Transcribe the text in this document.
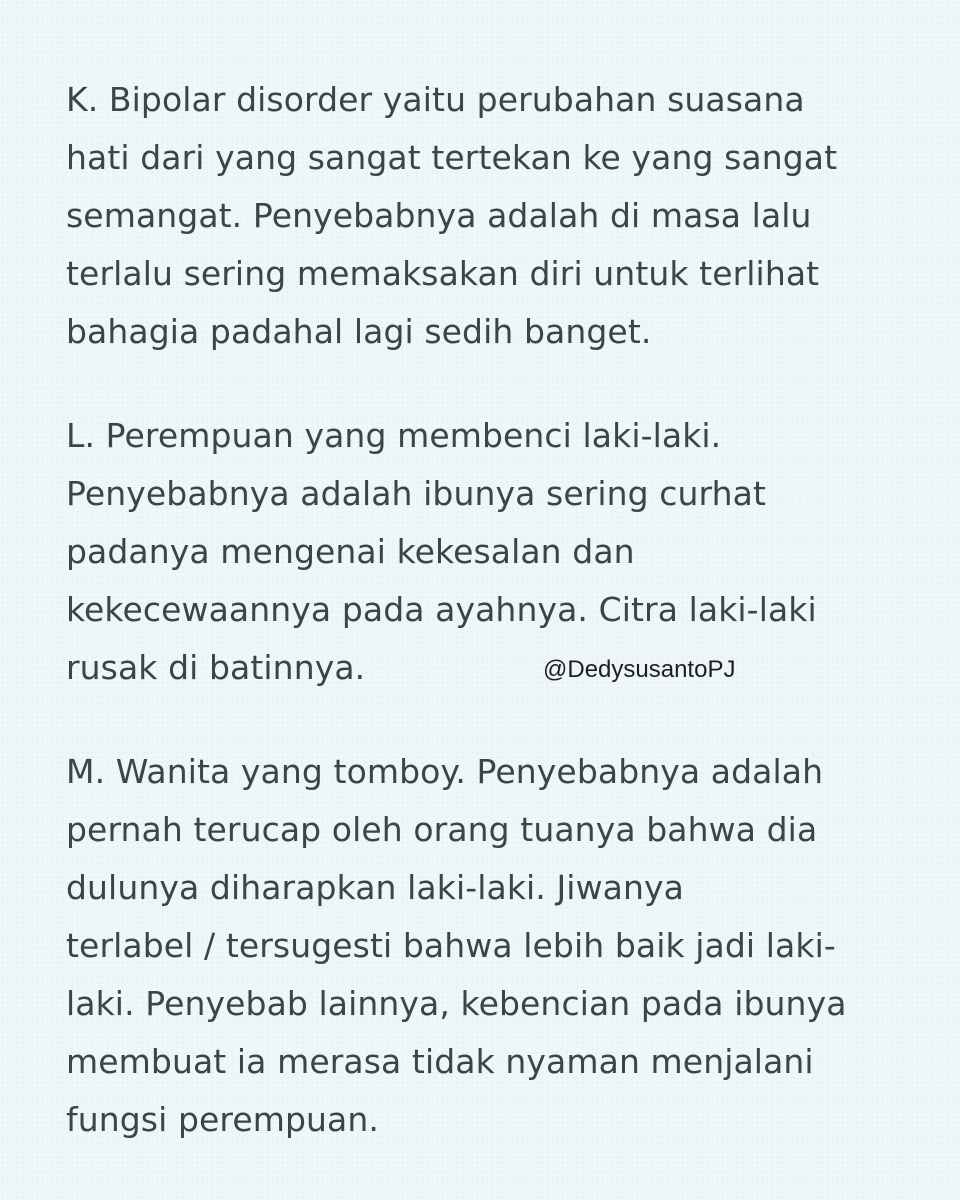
K. Bipolar disorder yaitu perubahan suasana
hati dari yang sangat tertekan ke yang sangat
semangat. Penyebabnya adalah di masa lalu
terlalu sering memaksakan diri untuk terlihat
bahagia padahal lagi sedih banget.

L. Perempuan yang membenci laki-laki.
Penyebabnya adalah ibunya sering curhat
padanya mengenai kekesalan dan
kekecewaannya pada ayahnya. Citra laki-laki
rusak di batinnya.	@DedysusantoPJ

M. Wanita yang tomboy. Penyebabnya adalah
pernah terucap oleh orang tuanya bahwa dia
dulunya diharapkan laki-laki. Jiwanya
terlabel / tersugesti bahwa lebih baik jadi laki-
laki. Penyebab lainnya, kebencian pada ibunya
membuat ia merasa tidak nyaman menjalani
fungsi perempuan.
